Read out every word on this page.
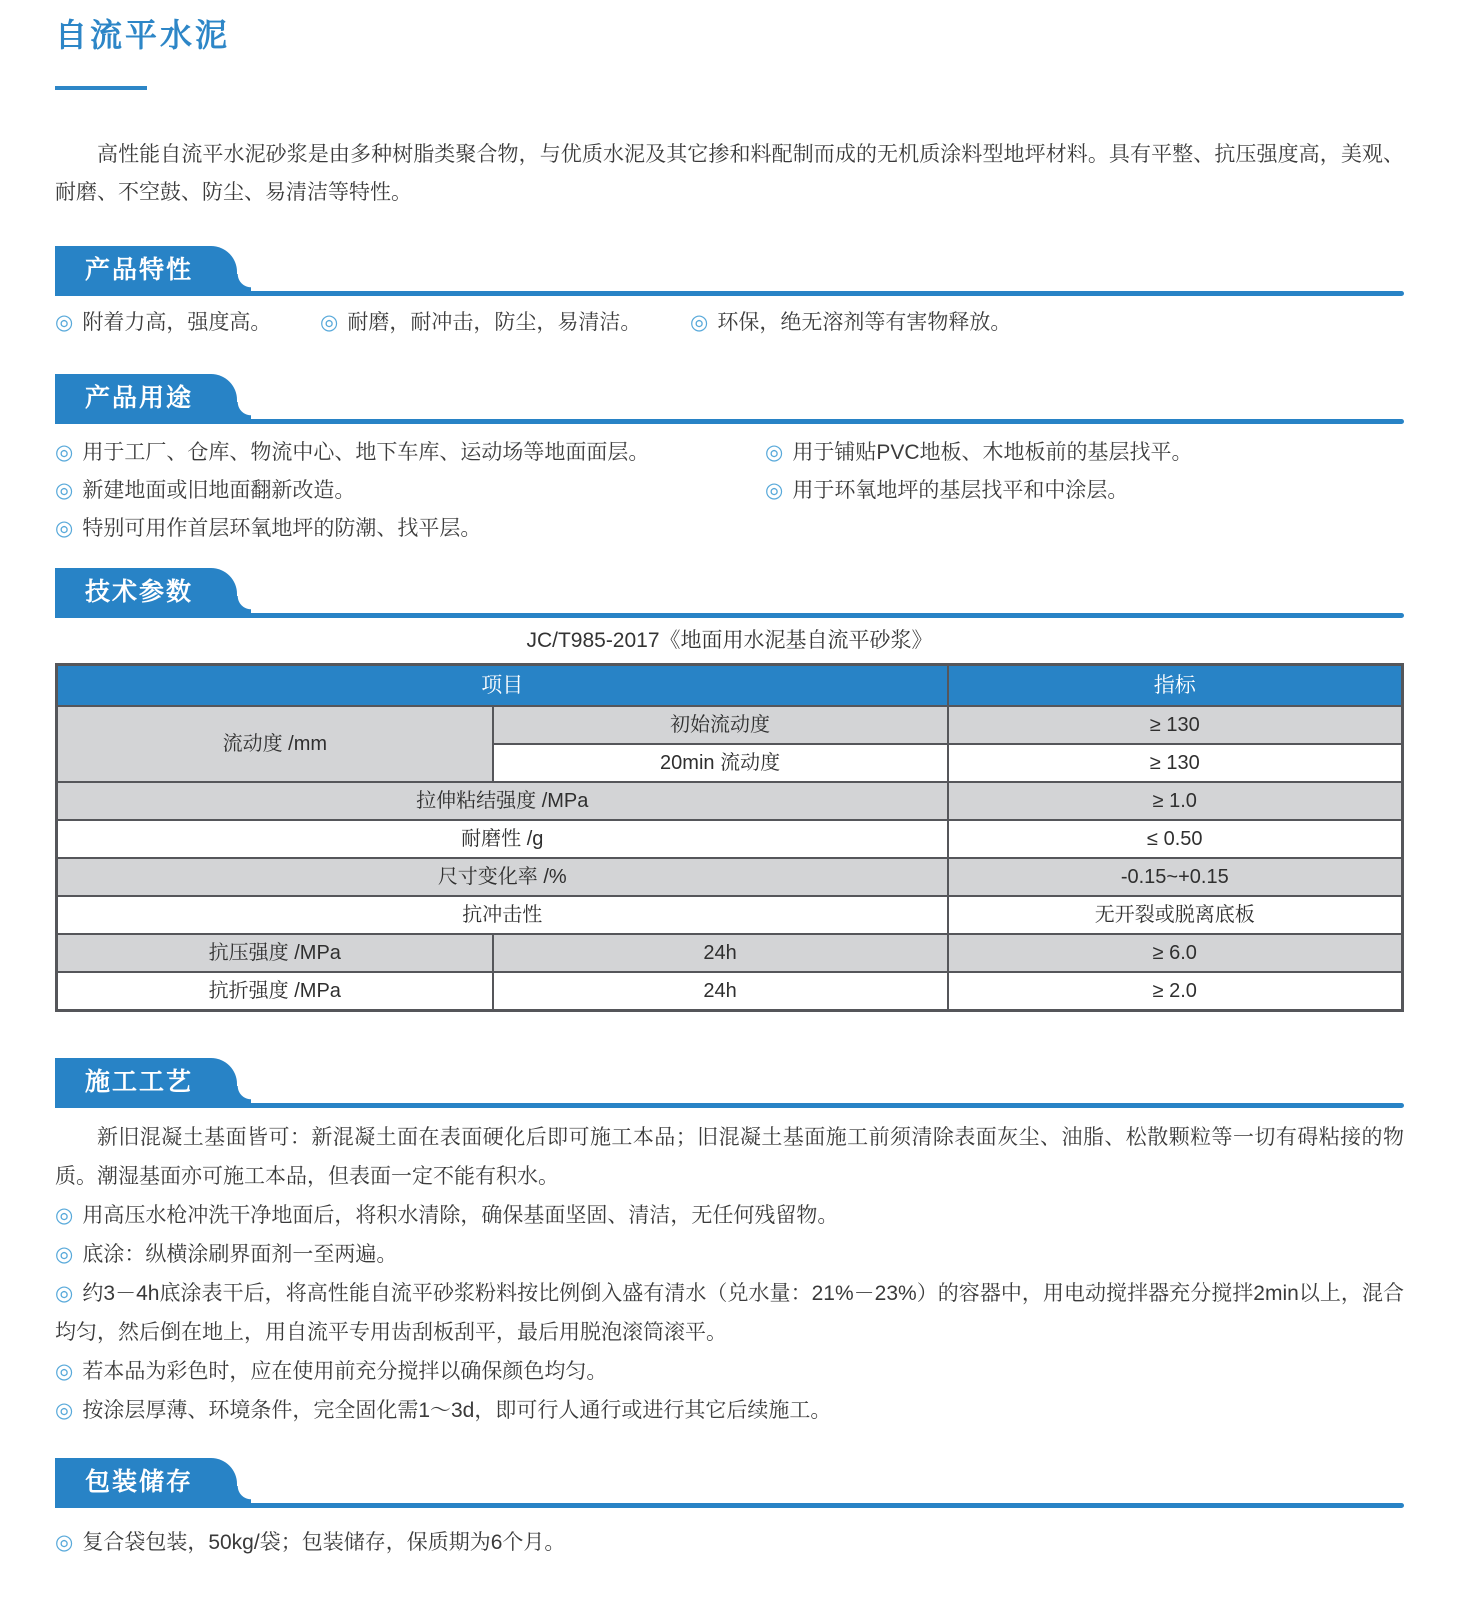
自流平水泥

高性能自流平水泥砂浆是由多种树脂类聚合物，与优质水泥及其它掺和料配制而成的无机质涂料型地坪材料。具有平整、抗压强度高，美观、耐磨、不空鼓、防尘、易清洁等特性。

产品特性
◎ 附着力高，强度高。	◎ 耐磨，耐冲击，防尘，易清洁。	◎ 环保，绝无溶剂等有害物释放。
产品用途
◎ 用于工厂、仓库、物流中心、地下车库、运动场等地面面层。
◎ 新建地面或旧地面翻新改造。
◎ 特别可用作首层环氧地坪的防潮、找平层。
◎ 用于铺贴PVC地板、木地板前的基层找平。
◎ 用于环氧地坪的基层找平和中涂层。
技术参数

JC/T985-2017《地面用水泥基自流平砂浆》

项目		指标
流动度 /mm	初始流动度	≥ 130
	20min 流动度	≥ 130
拉伸粘结强度 /MPa		≥ 1.0
耐磨性 /g		≤ 0.50
尺寸变化率 /%		-0.15~+0.15
抗冲击性		无开裂或脱离底板
抗压强度 /MPa	24h	≥ 6.0
抗折强度 /MPa	24h	≥ 2.0
施工工艺

新旧混凝土基面皆可：新混凝土面在表面硬化后即可施工本品；旧混凝土基面施工前须清除表面灰尘、油脂、松散颗粒等一切有碍粘接的物质。潮湿基面亦可施工本品，但表面一定不能有积水。

◎ 用高压水枪冲洗干净地面后，将积水清除，确保基面坚固、清洁，无任何残留物。

◎ 底涂：纵横涂刷界面剂一至两遍。

◎ 约3－4h底涂表干后，将高性能自流平砂浆粉料按比例倒入盛有清水（兑水量：21%－23%）的容器中，用电动搅拌器充分搅拌2min以上，混合均匀，然后倒在地上，用自流平专用齿刮板刮平，最后用脱泡滚筒滚平。

◎ 若本品为彩色时，应在使用前充分搅拌以确保颜色均匀。

◎ 按涂层厚薄、环境条件，完全固化需1～3d，即可行人通行或进行其它后续施工。

包装储存
◎ 复合袋包装，50kg/袋；包装储存，保质期为6个月。
